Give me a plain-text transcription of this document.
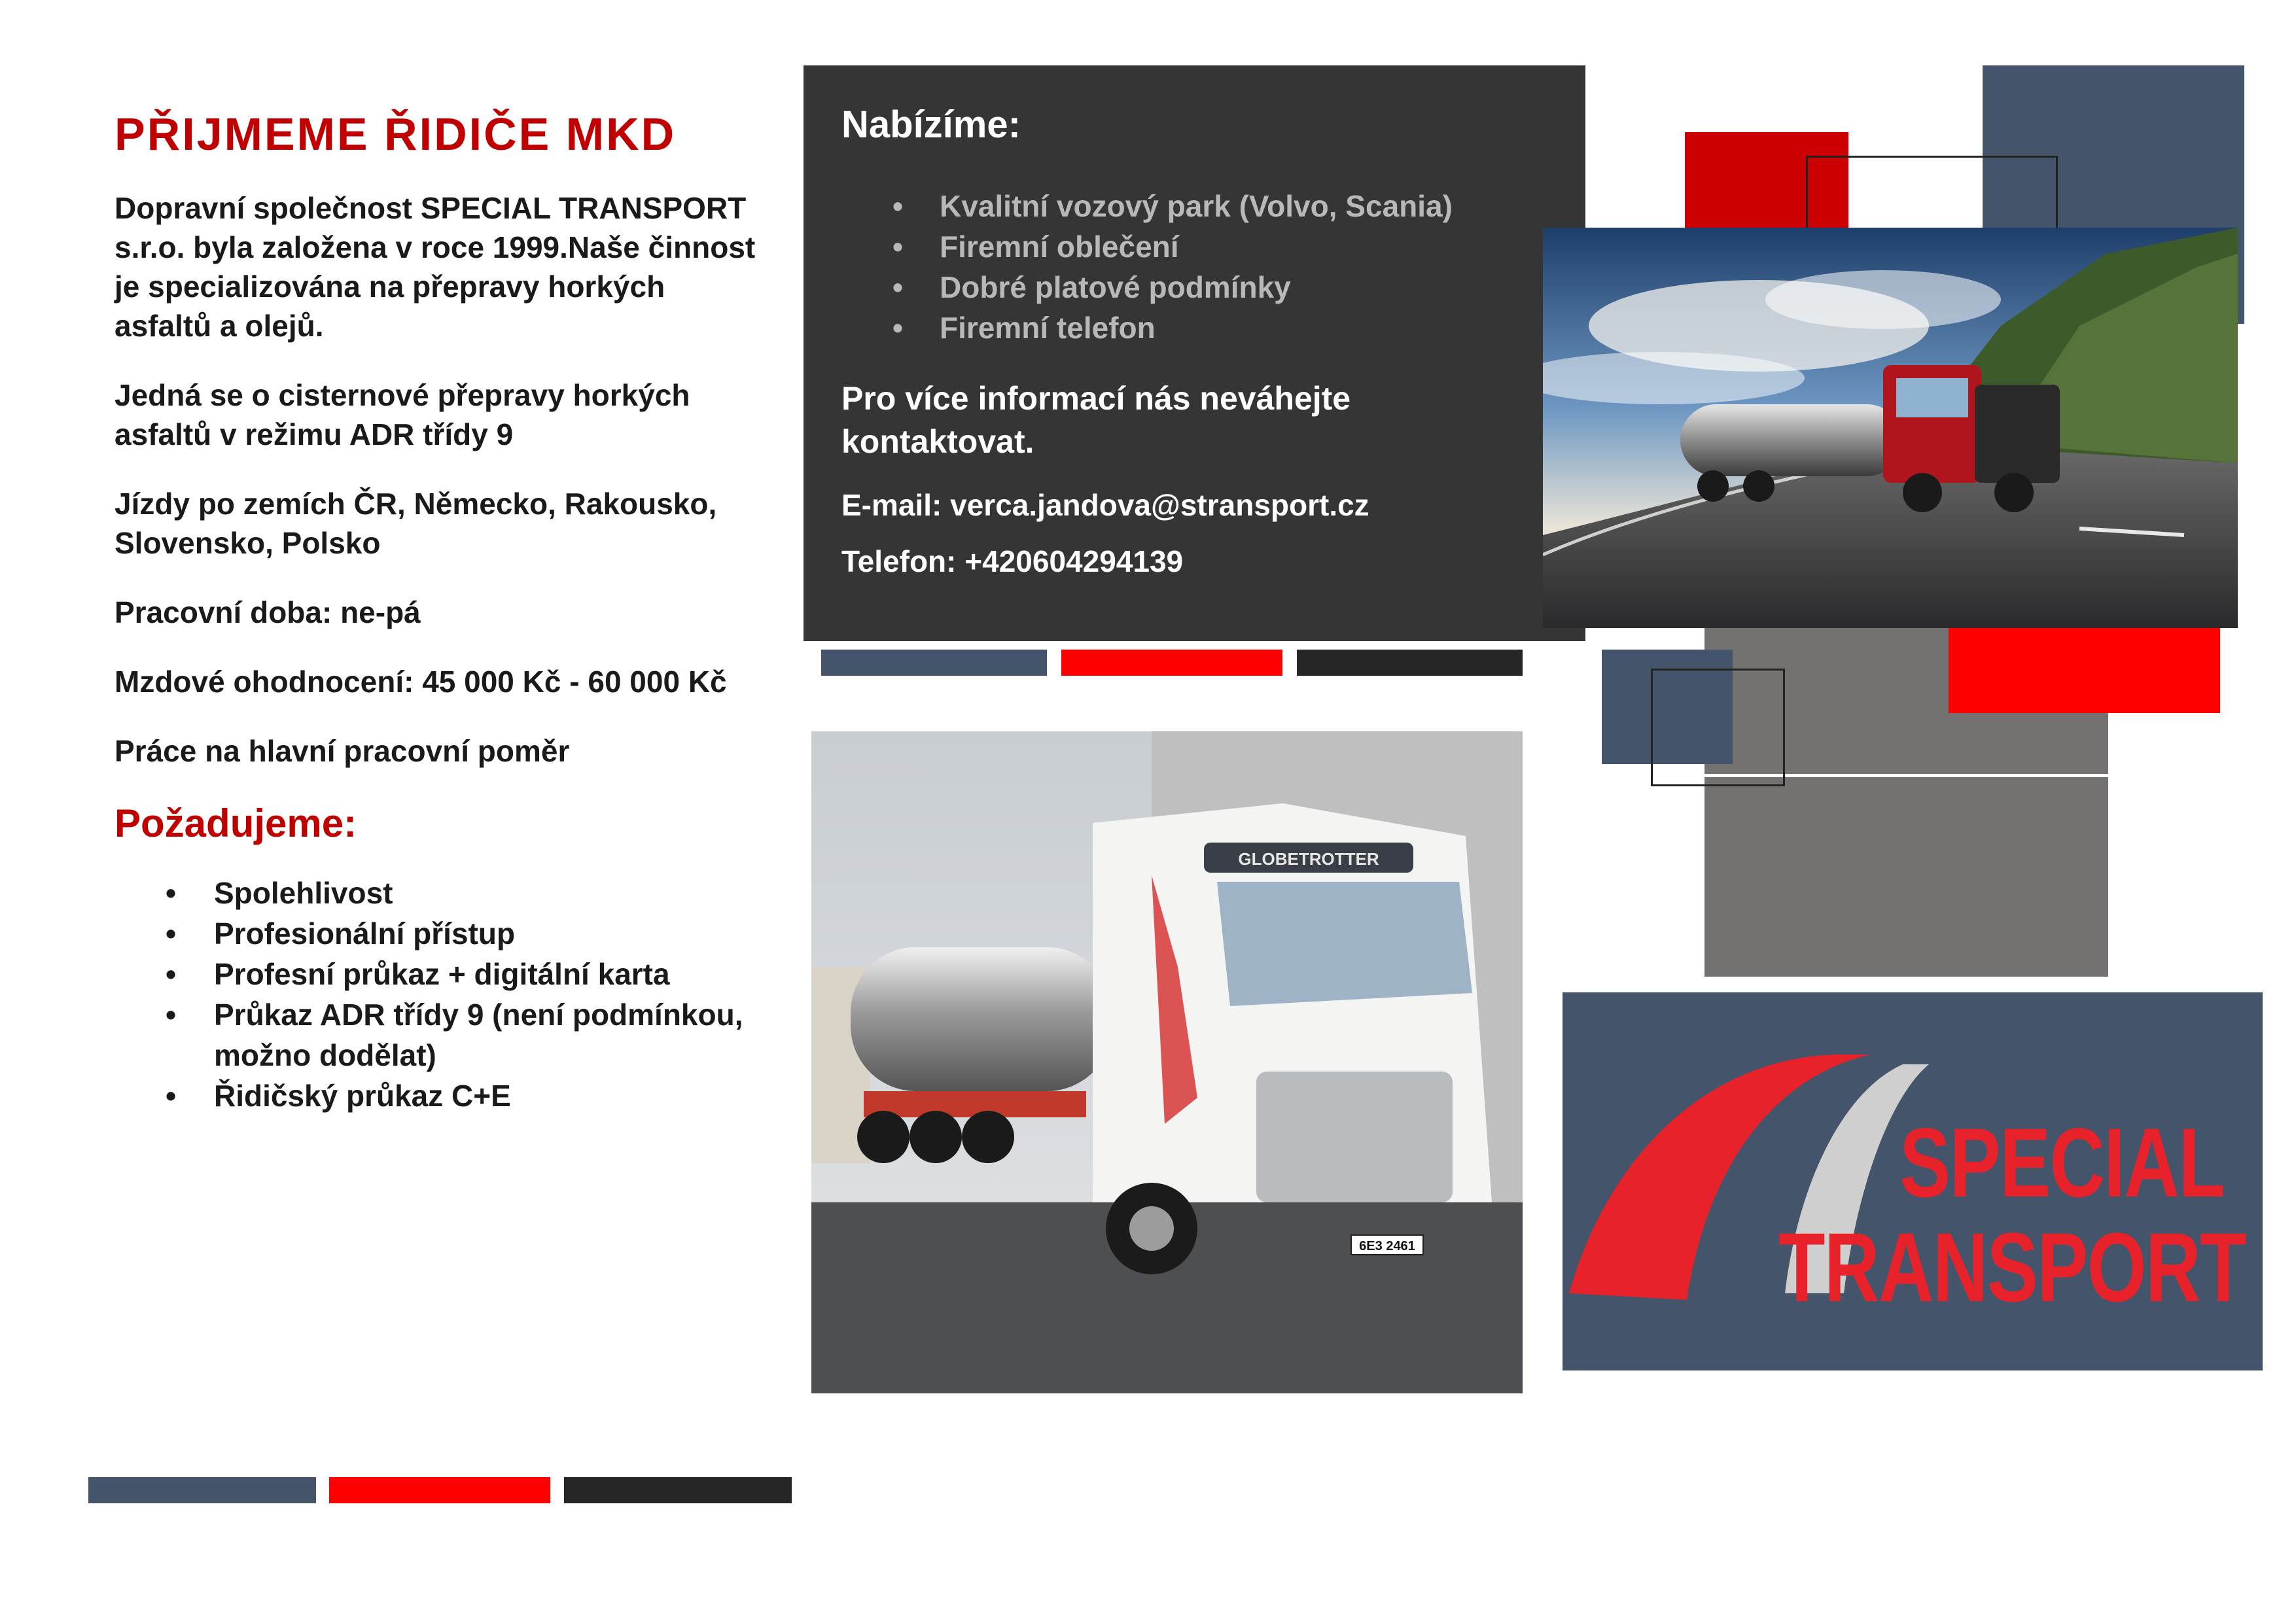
PŘIJMEME ŘIDIČE MKD

Dopravní společnost SPECIAL TRANSPORT s.r.o. byla založena v roce 1999.Naše činnost je specializována na přepravy horkých asfaltů a olejů.

Jedná se o cisternové přepravy horkých asfaltů v režimu ADR třídy 9

Jízdy po zemích ČR, Německo, Rakousko, Slovensko, Polsko

Pracovní doba: ne-pá

Mzdové ohodnocení: 45 000 Kč - 60 000 Kč

Práce na hlavní pracovní poměr

Požadujeme:
• Spolehlivost
• Profesionální přístup
• Profesní průkaz + digitální karta
• Průkaz ADR třídy 9 (není podmínkou, možno dodělat)
• Řidičský průkaz C+E
Nabízíme:
• Kvalitní vozový park (Volvo, Scania)
• Firemní oblečení
• Dobré platové podmínky
• Firemní telefon
Pro více informací nás neváhejte kontaktovat.
E-mail: verca.jandova@stransport.cz
Telefon: +420604294139
GLOBETROTTER
6E3 2461
SPECIAL
TRANSPORT
